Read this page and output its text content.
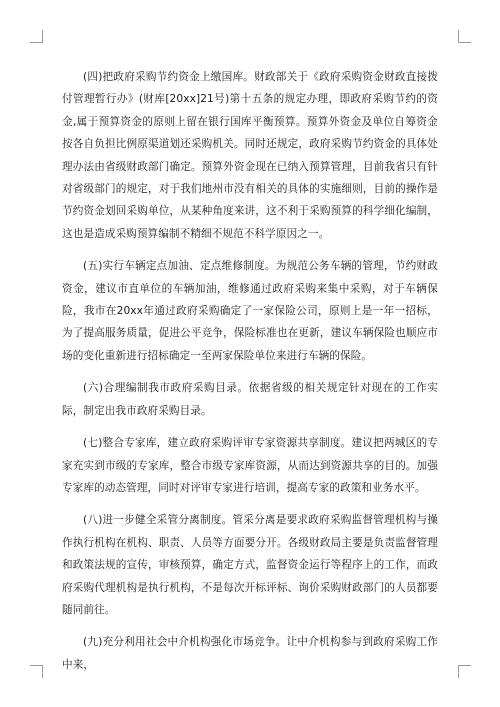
(四)把政府采购节约资金上缴国库。财政部关于《政府采购资金财政直接拨付管理暂行办》(财库[20xx]21号)第十五条的规定办理，即政府采购节约的资金,属于预算资金的原则上留在银行国库平衡预算。预算外资金及单位自筹资金按各自负担比例原渠道划还采购机关。同时还规定，政府采购节约资金的具体处理办法由省级财政部门确定。预算外资金现在已纳入预算管理，目前我省只有针对省级部门的规定，对于我们地州市没有相关的具体的实施细则，目前的操作是节约资金划回采购单位，从某种角度来讲，这不利于采购预算的科学细化编制，这也是造成采购预算编制不精细不规范不科学原因之一。

(五)实行车辆定点加油、定点维修制度。为规范公务车辆的管理，节约财政资金，建议市直单位的车辆加油，维修通过政府采购来集中采购，对于车辆保险，我市在20xx年通过政府采购确定了一家保险公司，原则上是一年一招标，为了提高服务质量，促进公平竞争，保险标准也在更新，建议车辆保险也顺应市场的变化重新进行招标确定一至两家保险单位来进行车辆的保险。

(六)合理编制我市政府采购目录。依据省级的相关规定针对现在的工作实际，制定出我市政府采购目录。

(七)整合专家库，建立政府采购评审专家资源共享制度。建议把两城区的专家充实到市级的专家库，整合市级专家库资源，从而达到资源共享的目的。加强专家库的动态管理，同时对评审专家进行培训，提高专家的政策和业务水平。

(八)进一步健全采管分离制度。管采分离是要求政府采购监督管理机构与操作执行机构在机构、职责、人员等方面要分开。各级财政局主要是负责监督管理和政策法规的宣传，审核预算，确定方式，监督资金运行等程序上的工作，而政府采购代理机构是执行机构，不是每次开标评标、询价采购财政部门的人员都要随同前往。

(九)充分利用社会中介机构强化市场竞争。让中介机构参与到政府采购工作中来，
